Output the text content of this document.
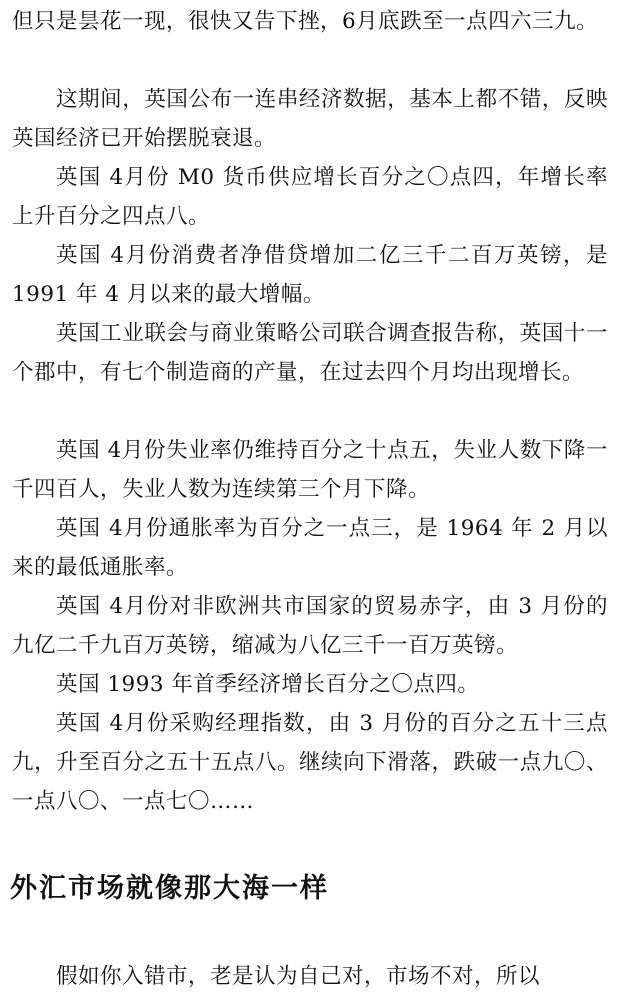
但只是昙花一现，很快又告下挫，6月底跌至一点四六三九。

这期间，英国公布一连串经济数据，基本上都不错，反映英国经济已开始摆脱衰退。

英国 4月份 M0 货币供应增长百分之〇点四，年增长率上升百分之四点八。

英国 4月份消费者净借贷增加二亿三千二百万英镑，是 1991 年 4 月以来的最大增幅。

英国工业联会与商业策略公司联合调查报告称，英国十一个郡中，有七个制造商的产量，在过去四个月均出现增长。

英国 4月份失业率仍维持百分之十点五，失业人数下降一千四百人，失业人数为连续第三个月下降。

英国 4月份通胀率为百分之一点三，是 1964 年 2 月以来的最低通胀率。

英国 4月份对非欧洲共市国家的贸易赤字，由 3 月份的九亿二千九百万英镑，缩减为八亿三千一百万英镑。

英国 1993 年首季经济增长百分之〇点四。

英国 4月份采购经理指数，由 3 月份的百分之五十三点九，升至百分之五十五点八。继续向下滑落，跌破一点九〇、一点八〇、一点七〇……

外汇市场就像那大海一样

假如你入错市，老是认为自己对，市场不对，所以
